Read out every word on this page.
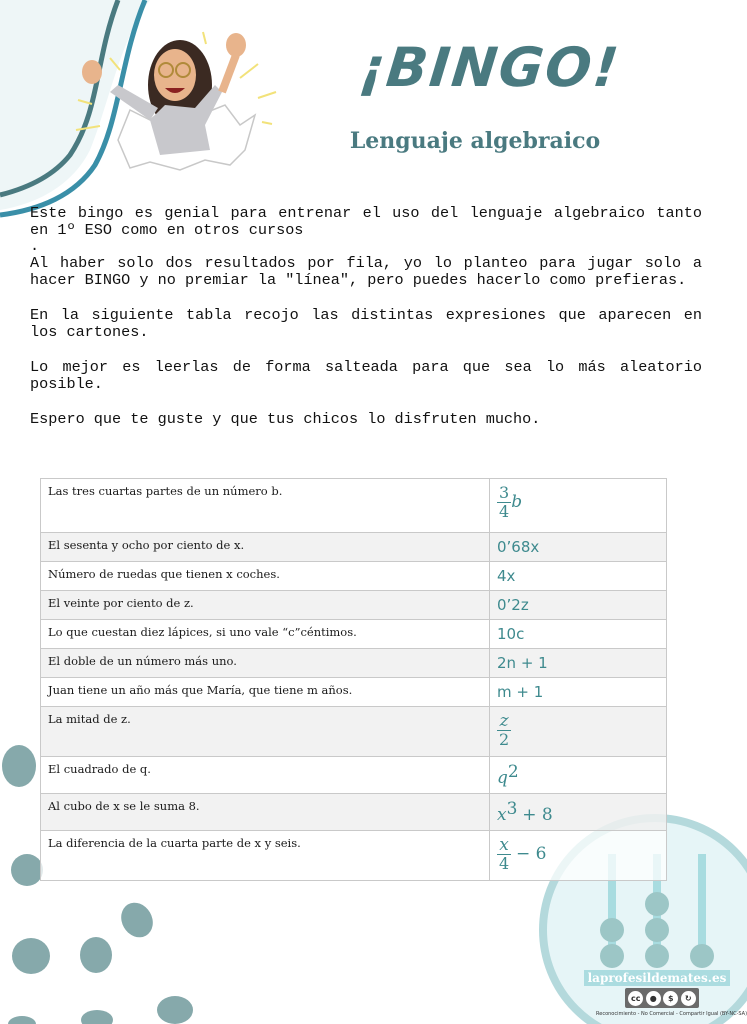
¡BINGO!
Lenguaje algebraico

Este bingo es genial para entrenar el uso del lenguaje algebraico tanto en 1º ESO como en otros cursos

.

Al haber solo dos resultados por fila, yo lo planteo para jugar solo a hacer BINGO y no premiar la "línea", pero puedes hacerlo como prefieras.

En la siguiente tabla recojo las distintas expresiones que aparecen en los cartones.

Lo mejor es leerlas de forma salteada para que sea lo más aleatorio posible.

Espero que te guste y que tus chicos lo disfruten mucho.

Las tres cuartas partes de un número b.	$\frac{3}{4}$ b
El sesenta y ocho por ciento de x.	0’68x
Número de ruedas que tienen x coches.	4x
El veinte por ciento de z.	0’2z
Lo que cuestan diez lápices, si uno vale “c”céntimos.	10c
El doble de un número más uno.	2n + 1
Juan tiene un año más que María, que tiene m años.	m + 1
La mitad de z.	$\frac{z}{2}$

El cuadrado de q.	$q^2$
Al cubo de x se le suma 8.	$x^3 + 8$
La diferencia de la cuarta parte de x y seis.	$\frac{x}{4} - 6$
laprofesildemates.es
cc	●	$	↻
Reconocimiento - No Comercial - Compartir Igual (BY-NC-SA)
